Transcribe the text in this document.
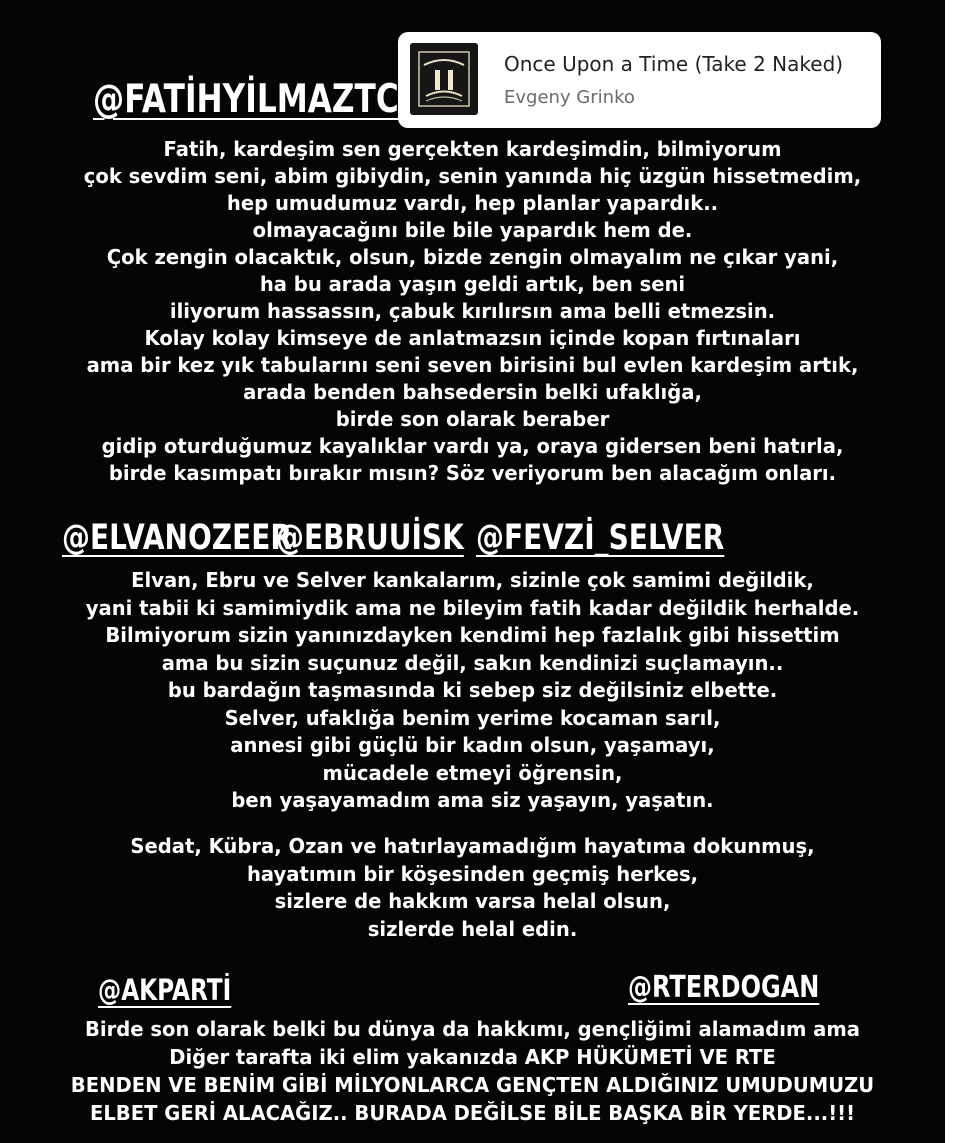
Once Upon a Time (Take 2 Naked)
Evgeny Grinko
@FATİHYİLMAZTC
@ELVANOZEER
@EBRUUİSK @FEVZİ_SELVER
@AKPARTİ	@RTERDOGAN
Fatih, kardeşim sen gerçekten kardeşimdin, bilmiyorum
çok sevdim seni, abim gibiydin, senin yanında hiç üzgün hissetmedim,
hep umudumuz vardı, hep planlar yapardık..
olmayacağını bile bile yapardık hem de.
Çok zengin olacaktık, olsun, bizde zengin olmayalım ne çıkar yani,
ha bu arada yaşın geldi artık, ben seni
iliyorum hassassın, çabuk kırılırsın ama belli etmezsin.
Kolay kolay kimseye de anlatmazsın içinde kopan fırtınaları
ama bir kez yık tabularını seni seven birisini bul evlen kardeşim artık,
arada benden bahsedersin belki ufaklığa,
birde son olarak beraber
gidip oturduğumuz kayalıklar vardı ya, oraya gidersen beni hatırla,
birde kasımpatı bırakır mısın? Söz veriyorum ben alacağım onları.
Elvan, Ebru ve Selver kankalarım, sizinle çok samimi değildik,
yani tabii ki samimiydik ama ne bileyim fatih kadar değildik herhalde.
Bilmiyorum sizin yanınızdayken kendimi hep fazlalık gibi hissettim
ama bu sizin suçunuz değil, sakın kendinizi suçlamayın..
bu bardağın taşmasında ki sebep siz değilsiniz elbette.
Selver, ufaklığa benim yerime kocaman sarıl,
annesi gibi güçlü bir kadın olsun, yaşamayı,
mücadele etmeyi öğrensin,
ben yaşayamadım ama siz yaşayın, yaşatın.
Sedat, Kübra, Ozan ve hatırlayamadığım hayatıma dokunmuş,
hayatımın bir köşesinden geçmiş herkes,
sizlere de hakkım varsa helal olsun,
sizlerde helal edin.
Birde son olarak belki bu dünya da hakkımı, gençliğimi alamadım ama
Diğer tarafta iki elim yakanızda AKP HÜKÜMETİ VE RTE
BENDEN VE BENİM GİBİ MİLYONLARCA GENÇTEN ALDIĞINIZ UMUDUMUZU
ELBET GERİ ALACAĞIZ.. BURADA DEĞİLSE BİLE BAŞKA BİR YERDE...!!!
